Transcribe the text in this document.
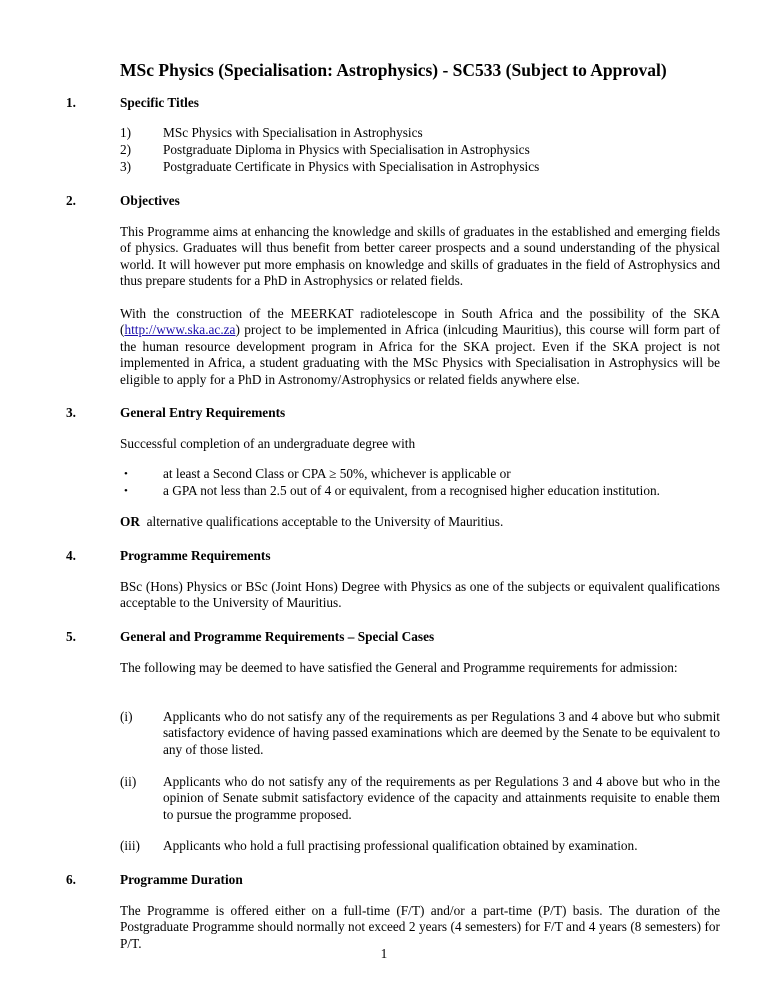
MSc Physics (Specialisation: Astrophysics) - SC533 (Subject to Approval)
1.	Specific Titles
1) MSc Physics with Specialisation in Astrophysics
2) Postgraduate Diploma in Physics with Specialisation in Astrophysics
3) Postgraduate Certificate in Physics with Specialisation in Astrophysics
2.	Objectives
This Programme aims at enhancing the knowledge and skills of graduates in the established and emerging fields of physics. Graduates will thus benefit from better career prospects and a sound understanding of the physical world. It will however put more emphasis on knowledge and skills of graduates in the field of Astrophysics and thus prepare students for a PhD in Astrophysics or related fields.
With the construction of the MEERKAT radiotelescope in South Africa and the possibility of the SKA (http://www.ska.ac.za) project to be implemented in Africa (inlcuding Mauritius), this course will form part of the human resource development program in Africa for the SKA project. Even if the SKA project is not implemented in Africa, a student graduating with the MSc Physics with Specialisation in Astrophysics will be eligible to apply for a PhD in Astronomy/Astrophysics or related fields anywhere else.
3.	General Entry Requirements
Successful completion of an undergraduate degree with
•	at least a Second Class or CPA ≥ 50%, whichever is applicable or
•	a GPA not less than 2.5 out of 4 or equivalent, from a recognised higher education institution.
OR alternative qualifications acceptable to the University of Mauritius.
4.	Programme Requirements
BSc (Hons) Physics or BSc (Joint Hons) Degree with Physics as one of the subjects or equivalent qualifications acceptable to the University of Mauritius.
5.	General and Programme Requirements – Special Cases
The following may be deemed to have satisfied the General and Programme requirements for admission:
(i) Applicants who do not satisfy any of the requirements as per Regulations 3 and 4 above but who submit satisfactory evidence of having passed examinations which are deemed by the Senate to be equivalent to any of those listed.
(ii) Applicants who do not satisfy any of the requirements as per Regulations 3 and 4 above but who in the opinion of Senate submit satisfactory evidence of the capacity and attainments requisite to enable them to pursue the programme proposed.
(iii) Applicants who hold a full practising professional qualification obtained by examination.
6.	Programme Duration
The Programme is offered either on a full-time (F/T) and/or a part-time (P/T) basis. The duration of the Postgraduate Programme should normally not exceed 2 years (4 semesters) for F/T and 4 years (8 semesters) for P/T.
1
